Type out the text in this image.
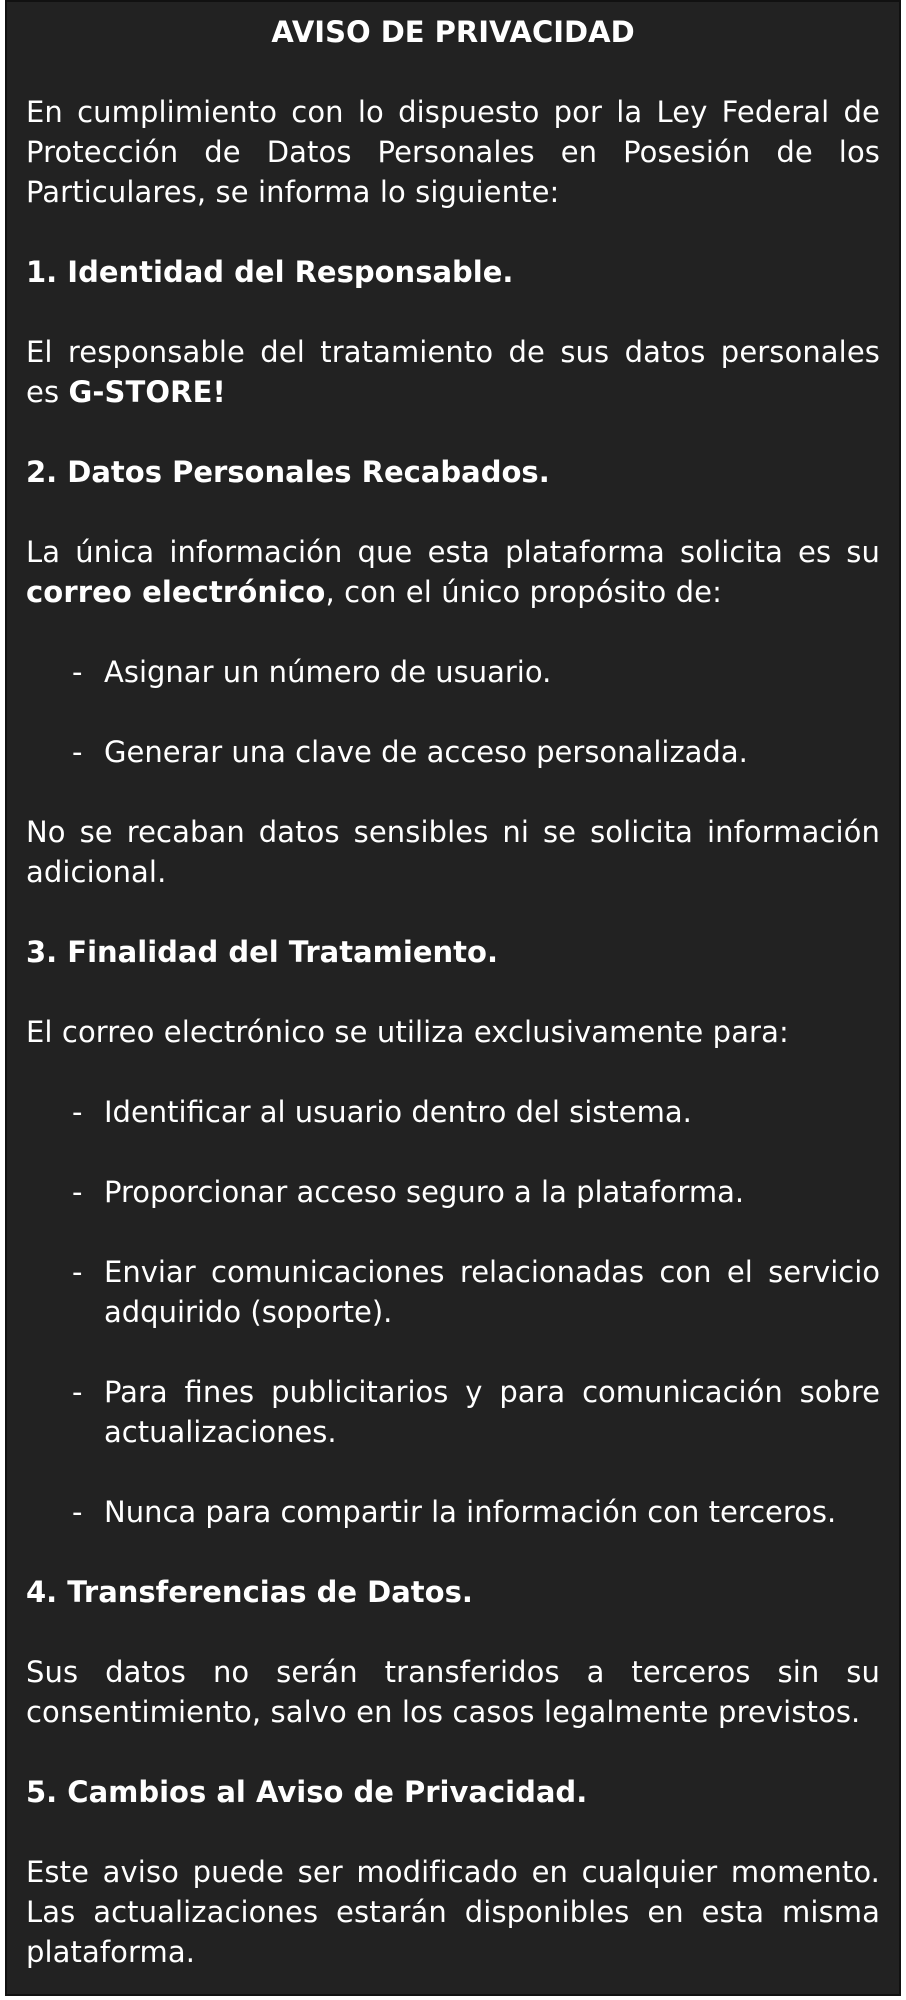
AVISO DE PRIVACIDAD
En cumplimiento con lo dispuesto por la Ley Federal de Protección de Datos Personales en Posesión de los Particulares, se informa lo siguiente:
1. Identidad del Responsable.
El responsable del tratamiento de sus datos personales es G-STORE!
2. Datos Personales Recabados.
La única información que esta plataforma solicita es su correo electrónico, con el único propósito de:
- Asignar un número de usuario.
- Generar una clave de acceso personalizada.
No se recaban datos sensibles ni se solicita información adicional.
3. Finalidad del Tratamiento.
El correo electrónico se utiliza exclusivamente para:
- Identificar al usuario dentro del sistema.
- Proporcionar acceso seguro a la plataforma.
- Enviar comunicaciones relacionadas con el servicio adquirido (soporte).
- Para fines publicitarios y para comunicación sobre actualizaciones.
- Nunca para compartir la información con terceros.
4. Transferencias de Datos.
Sus datos no serán transferidos a terceros sin su consentimiento, salvo en los casos legalmente previstos.
5. Cambios al Aviso de Privacidad.
Este aviso puede ser modificado en cualquier momento. Las actualizaciones estarán disponibles en esta misma plataforma.
